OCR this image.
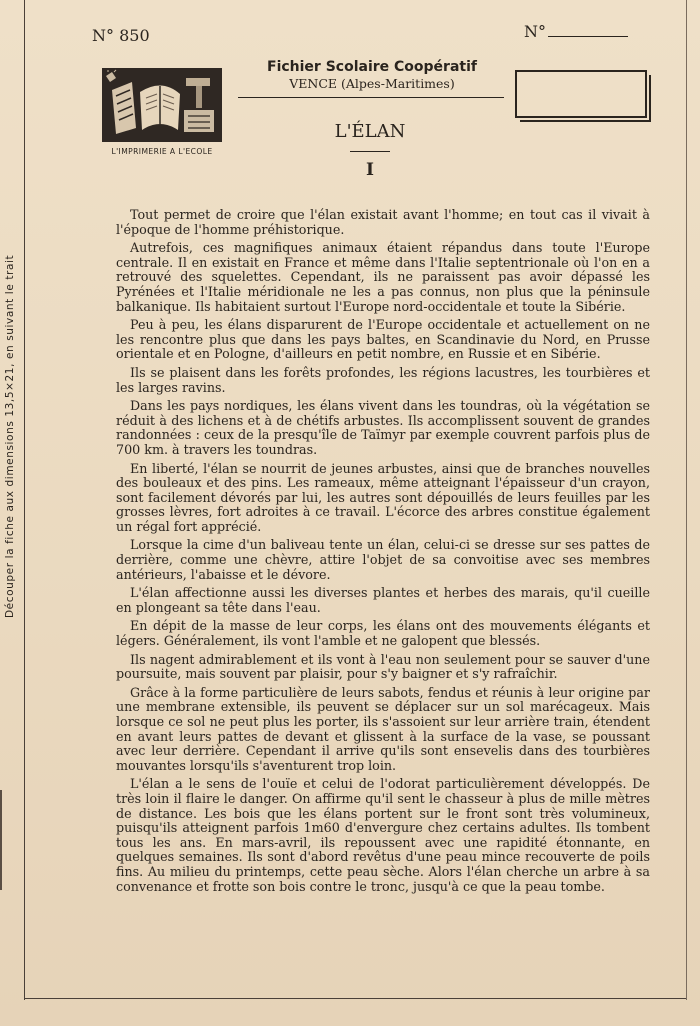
Découper la fiche aux dimensions 13,5×21, en suivant le trait
N° 850	N°
L'IMPRIMERIE A L'ECOLE
Fichier Scolaire Coopératif
VENCE (Alpes-Maritimes)
L'ÉLAN
I

Tout permet de croire que l'élan existait avant l'homme; en tout cas il vivait à l'époque de l'homme préhistorique.

Autrefois, ces magnifiques animaux étaient répandus dans toute l'Europe centrale. Il en existait en France et même dans l'Italie septentrionale où l'on en a retrouvé des squelettes. Cependant, ils ne paraissent pas avoir dépassé les Pyrénées et l'Italie méridionale ne les a pas connus, non plus que la péninsule balkanique. Ils habitaient surtout l'Europe nord-occidentale et toute la Sibérie.

Peu à peu, les élans disparurent de l'Europe occidentale et actuellement on ne les rencontre plus que dans les pays baltes, en Scandinavie du Nord, en Prusse orientale et en Pologne, d'ailleurs en petit nombre, en Russie et en Sibérie.

Ils se plaisent dans les forêts profondes, les régions lacustres, les tourbières et les larges ravins.

Dans les pays nordiques, les élans vivent dans les toundras, où la végétation se réduit à des lichens et à de chétifs arbustes. Ils accomplissent souvent de grandes randonnées : ceux de la presqu'île de Taïmyr par exemple couvrent parfois plus de 700 km. à travers les toundras.

En liberté, l'élan se nourrit de jeunes arbustes, ainsi que de branches nouvelles des bouleaux et des pins. Les rameaux, même atteignant l'épaisseur d'un crayon, sont facilement dévorés par lui, les autres sont dépouillés de leurs feuilles par les grosses lèvres, fort adroites à ce travail. L'écorce des arbres constitue également un régal fort apprécié.

Lorsque la cime d'un baliveau tente un élan, celui-ci se dresse sur ses pattes de derrière, comme une chèvre, attire l'objet de sa convoitise avec ses membres antérieurs, l'abaisse et le dévore.

L'élan affectionne aussi les diverses plantes et herbes des marais, qu'il cueille en plongeant sa tête dans l'eau.

En dépit de la masse de leur corps, les élans ont des mouvements élégants et légers. Généralement, ils vont l'amble et ne galopent que blessés.

Ils nagent admirablement et ils vont à l'eau non seulement pour se sauver d'une poursuite, mais souvent par plaisir, pour s'y baigner et s'y rafraîchir.

Grâce à la forme particulière de leurs sabots, fendus et réunis à leur origine par une membrane extensible, ils peuvent se déplacer sur un sol marécageux. Mais lorsque ce sol ne peut plus les porter, ils s'assoient sur leur arrière train, étendent en avant leurs pattes de devant et glissent à la surface de la vase, se poussant avec leur derrière. Cependant il arrive qu'ils sont ensevelis dans des tourbières mouvantes lorsqu'ils s'aventurent trop loin.

L'élan a le sens de l'ouïe et celui de l'odorat particulièrement développés. De très loin il flaire le danger. On affirme qu'il sent le chasseur à plus de mille mètres de distance. Les bois que les élans portent sur le front sont très volumineux, puisqu'ils atteignent parfois 1m60 d'envergure chez certains adultes. Ils tombent tous les ans. En mars-avril, ils repoussent avec une rapidité étonnante, en quelques semaines. Ils sont d'abord revêtus d'une peau mince recouverte de poils fins. Au milieu du printemps, cette peau sèche. Alors l'élan cherche un arbre à sa convenance et frotte son bois contre le tronc, jusqu'à ce que la peau tombe.
